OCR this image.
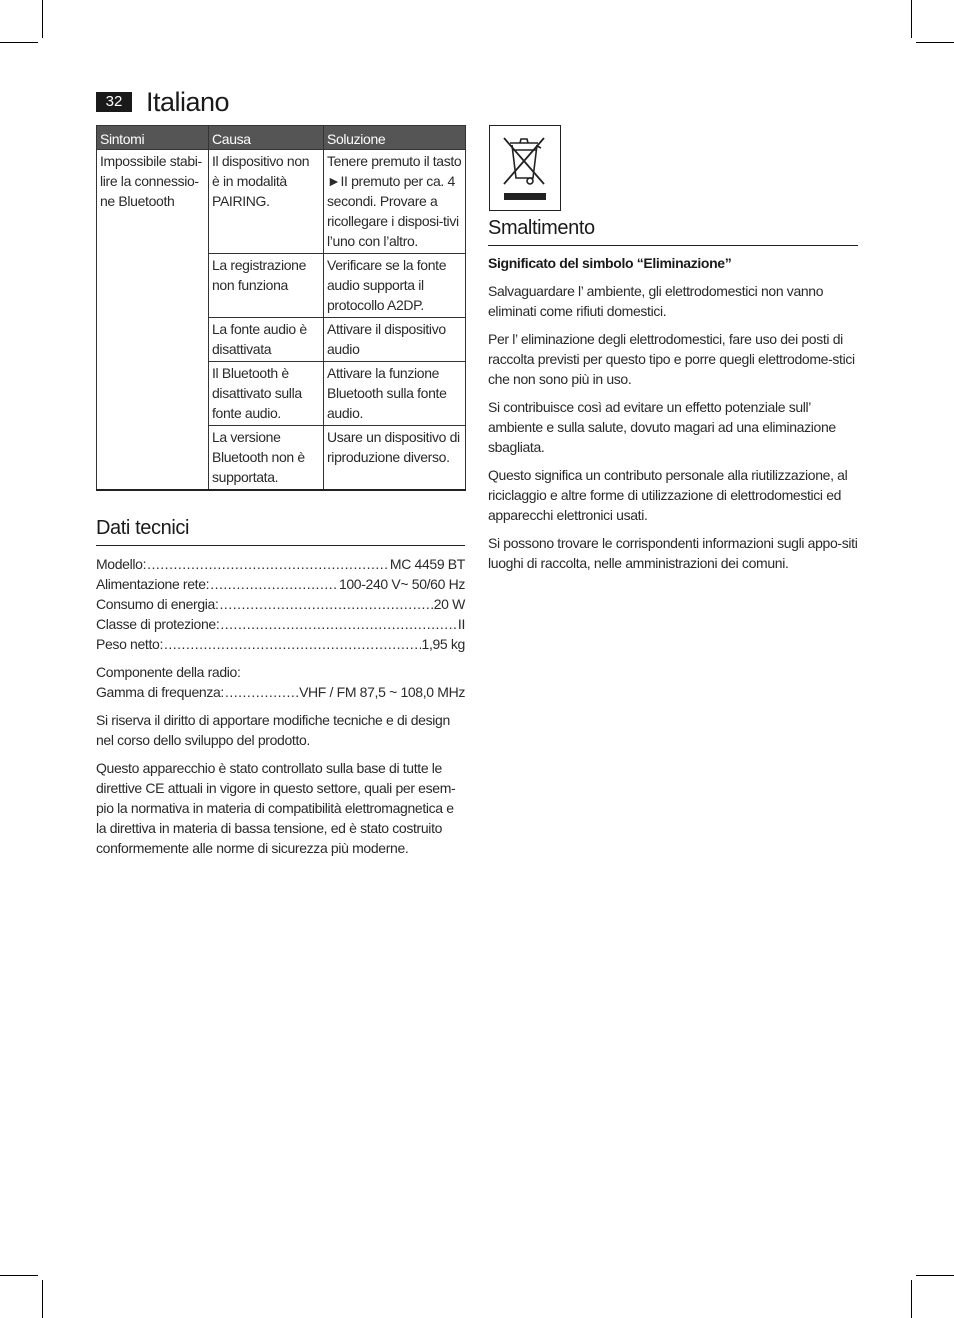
32 Italiano
Sintomi	Causa	Soluzione
Impossibile stabi-lire la connessio-ne Bluetooth	Il dispositivo non è in modalità PAIRING.	Tenere premuto il tasto ►II premuto per ca. 4 secondi. Provare a ricollegare i disposi-tivi l’uno con l’altro.
	La registrazione non funziona	Verificare se la fonte audio supporta il protocollo A2DP.
	La fonte audio è disattivata	Attivare il dispositivo audio
	Il Bluetooth è disattivato sulla fonte audio.	Attivare la funzione Bluetooth sulla fonte audio.
	La versione Bluetooth non è supportata.	Usare un dispositivo di riproduzione diverso.
Dati tecnici
Modello: .....	MC 4459 BT
Alimentazione rete: .....	100-240 V~ 50/60 Hz
Consumo di energia: .....	20 W
Classe di protezione: .....	II
Peso netto: .....	1,95 kg
Componente della radio:
Gamma di frequenza: .....	VHF / FM 87,5 ~ 108,0 MHz

Si riserva il diritto di apportare modifiche tecniche e di design nel corso dello sviluppo del prodotto.

Questo apparecchio è stato controllato sulla base di tutte le direttive CE attuali in vigore in questo settore, quali per esem-pio la normativa in materia di compatibilità elettromagnetica e la direttiva in materia di bassa tensione, ed è stato costruito conformemente alle norme di sicurezza più moderne.

Smaltimento
Significato del simbolo “Eliminazione”

Salvaguardare l’ ambiente, gli elettrodomestici non vanno eliminati come rifiuti domestici.

Per l’ eliminazione degli elettrodomestici, fare uso dei posti di raccolta previsti per questo tipo e porre quegli elettrodome-stici che non sono più in uso.

Si contribuisce così ad evitare un effetto potenziale sull’ ambiente e sulla salute, dovuto magari ad una eliminazione sbagliata.

Questo significa un contributo personale alla riutilizzazione, al riciclaggio e altre forme di utilizzazione di elettrodomestici ed apparecchi elettronici usati.

Si possono trovare le corrispondenti informazioni sugli appo-siti luoghi di raccolta, nelle amministrazioni dei comuni.
